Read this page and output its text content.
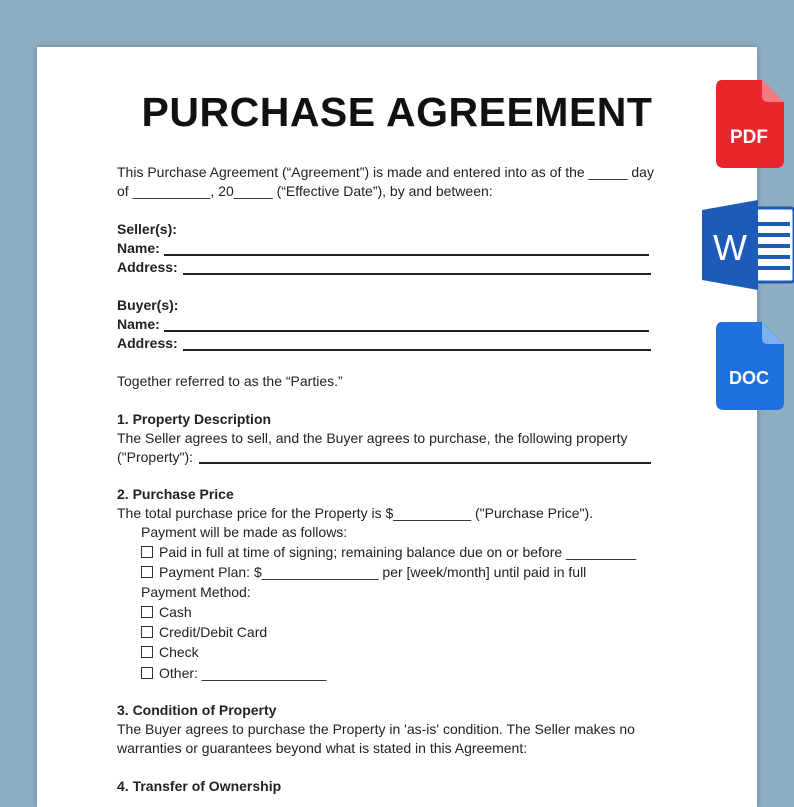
PURCHASE AGREEMENT
This Purchase Agreement (“Agreement”) is made and entered into as of the _____ day
of __________, 20_____ (“Effective Date”), by and between:
Seller(s):
Name:
Address:
Buyer(s):
Name:
Address:
Together referred to as the “Parties.”
1. Property Description
The Seller agrees to sell, and the Buyer agrees to purchase, the following property
("Property"):
2. Purchase Price
The total purchase price for the Property is $__________ ("Purchase Price").
Payment will be made as follows:
Paid in full at time of signing; remaining balance due on or before _________
Payment Plan: $_______________ per [week/month] until paid in full
Payment Method:
Cash
Credit/Debit Card
Check
Other: ________________
3. Condition of Property
The Buyer agrees to purchase the Property in 'as-is' condition. The Seller makes no
warranties or guarantees beyond what is stated in this Agreement:
4. Transfer of Ownership
PDF
W
DOC
